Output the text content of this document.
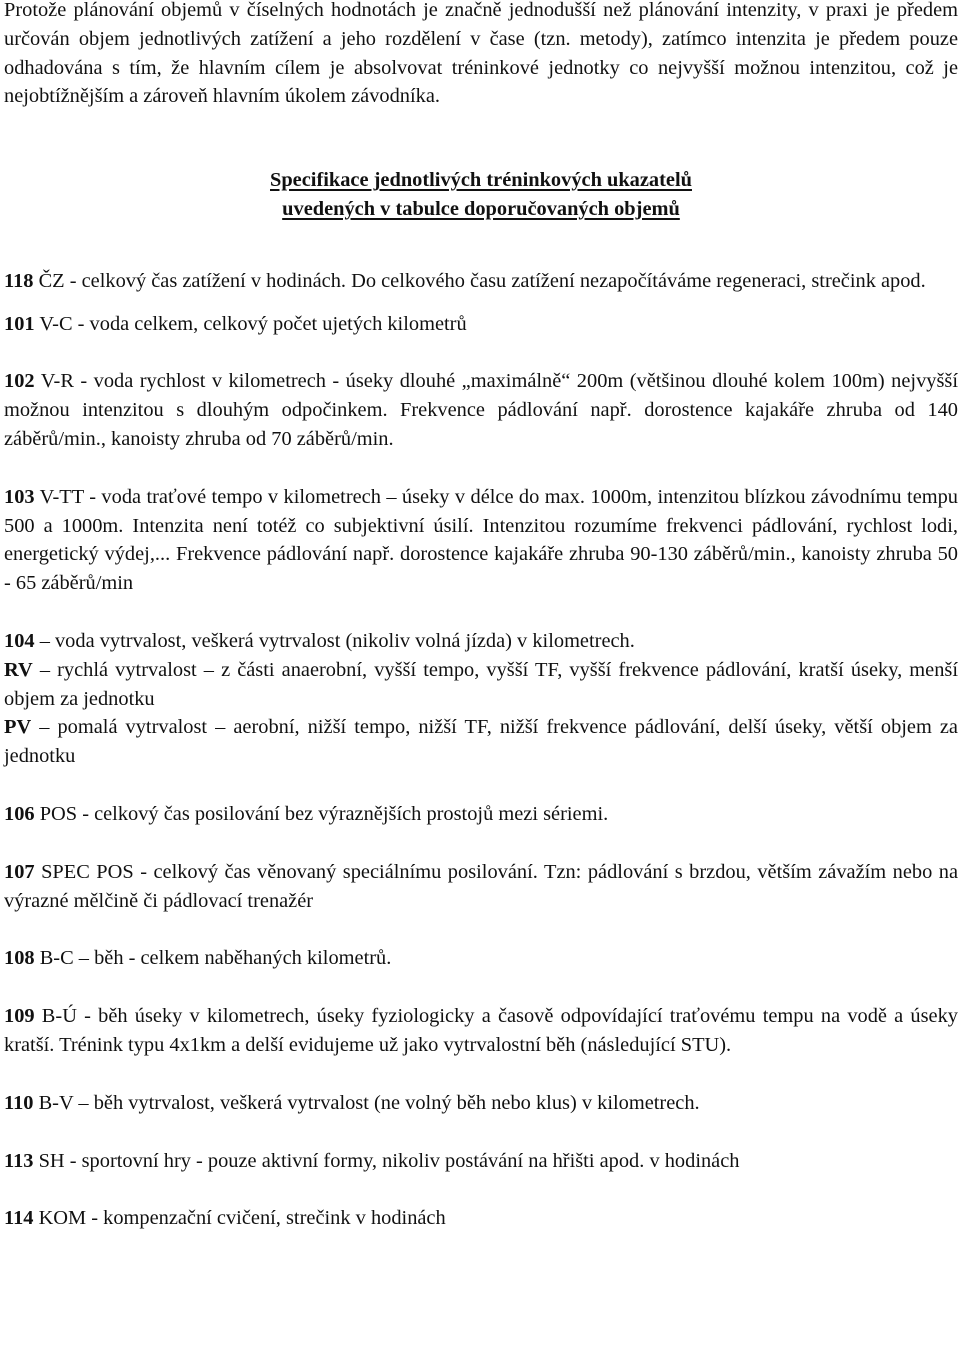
Protože plánování objemů v číselných hodnotách je značně jednodušší než plánování intenzity, v praxi je předem určován objem jednotlivých zatížení a jeho rozdělení v čase (tzn. metody), zatímco intenzita je předem pouze odhadována s tím, že hlavním cílem je absolvovat tréninkové jednotky co nejvyšší možnou intenzitou, což je nejobtížnějším a zároveň hlavním úkolem závodníka.

Specifikace jednotlivých tréninkových ukazatelů
uvedených v tabulce doporučovaných objemů

118 ČZ - celkový čas zatížení v hodinách. Do celkového času zatížení nezapočítáváme regeneraci, strečink apod.

101 V-C - voda celkem, celkový počet ujetých kilometrů

102 V-R - voda rychlost v kilometrech - úseky dlouhé „maximálně“ 200m (většinou dlouhé kolem 100m) nejvyšší možnou intenzitou s dlouhým odpočinkem. Frekvence pádlování např. dorostence kajakáře zhruba od 140 záběrů/min., kanoisty zhruba od 70 záběrů/min.

103 V-TT - voda traťové tempo v kilometrech – úseky v délce do max. 1000m, intenzitou blízkou závodnímu tempu 500 a 1000m. Intenzita není totéž co subjektivní úsilí. Intenzitou rozumíme frekvenci pádlování, rychlost lodi, energetický výdej,... Frekvence pádlování např. dorostence kajakáře zhruba 90-130 záběrů/min., kanoisty zhruba 50 - 65 záběrů/min

104 – voda vytrvalost, veškerá vytrvalost (nikoliv volná jízda) v kilometrech.

RV – rychlá vytrvalost – z části anaerobní, vyšší tempo, vyšší TF, vyšší frekvence pádlování, kratší úseky, menší objem za jednotku

PV – pomalá vytrvalost – aerobní, nižší tempo, nižší TF, nižší frekvence pádlování, delší úseky, větší objem za jednotku

106 POS - celkový čas posilování bez výraznějších prostojů mezi sériemi.

107 SPEC POS - celkový čas věnovaný speciálnímu posilování. Tzn: pádlování s brzdou, větším závažím nebo na výrazné mělčině či pádlovací trenažér

108 B-C – běh - celkem naběhaných kilometrů.

109 B-Ú - běh úseky v kilometrech, úseky fyziologicky a časově odpovídající traťovému tempu na vodě a úseky kratší. Trénink typu 4x1km a delší evidujeme už jako vytrvalostní běh (následující STU).

110 B-V – běh vytrvalost, veškerá vytrvalost (ne volný běh nebo klus) v kilometrech.

113 SH - sportovní hry - pouze aktivní formy, nikoliv postávání na hřišti apod. v hodinách

114 KOM - kompenzační cvičení, strečink v hodinách
